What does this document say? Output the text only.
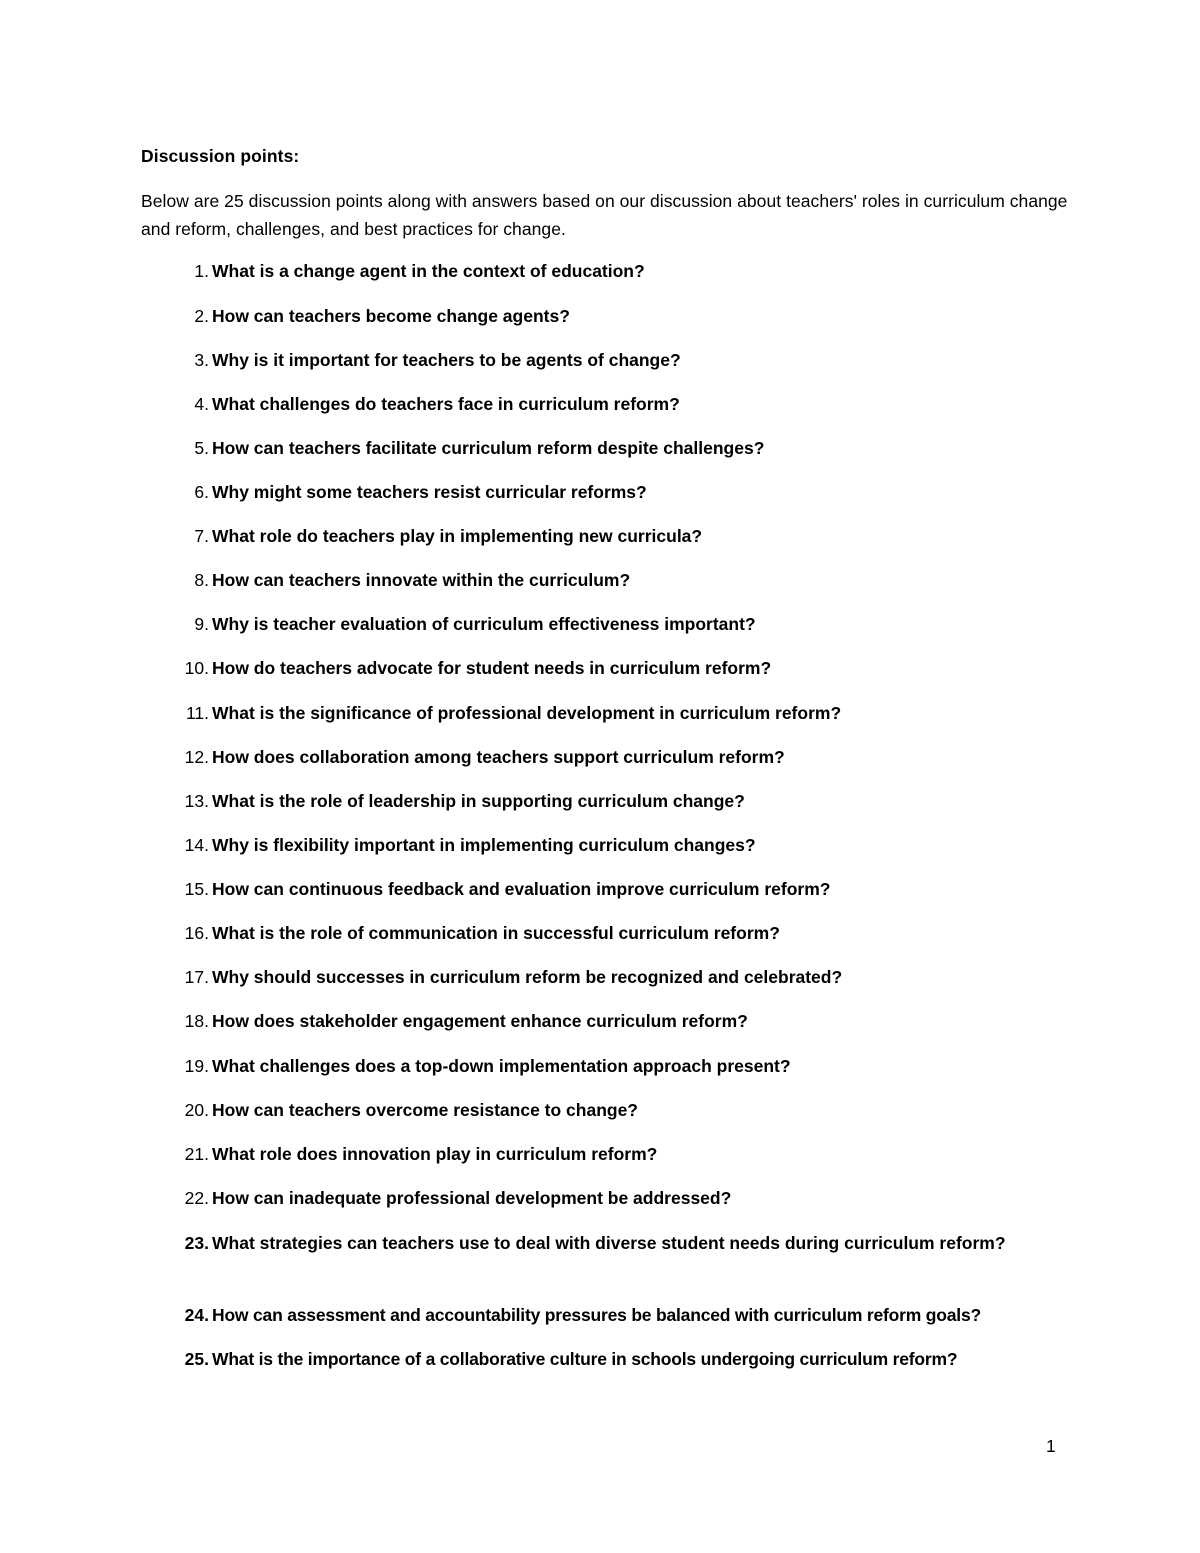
Discussion points:
Below are 25 discussion points along with answers based on our discussion about teachers' roles in curriculum change and reform, challenges, and best practices for change.
1. What is a change agent in the context of education?
2. How can teachers become change agents?
3. Why is it important for teachers to be agents of change?
4. What challenges do teachers face in curriculum reform?
5. How can teachers facilitate curriculum reform despite challenges?
6. Why might some teachers resist curricular reforms?
7. What role do teachers play in implementing new curricula?
8. How can teachers innovate within the curriculum?
9. Why is teacher evaluation of curriculum effectiveness important?
10. How do teachers advocate for student needs in curriculum reform?
11. What is the significance of professional development in curriculum reform?
12. How does collaboration among teachers support curriculum reform?
13. What is the role of leadership in supporting curriculum change?
14. Why is flexibility important in implementing curriculum changes?
15. How can continuous feedback and evaluation improve curriculum reform?
16. What is the role of communication in successful curriculum reform?
17. Why should successes in curriculum reform be recognized and celebrated?
18. How does stakeholder engagement enhance curriculum reform?
19. What challenges does a top-down implementation approach present?
20. How can teachers overcome resistance to change?
21. What role does innovation play in curriculum reform?
22. How can inadequate professional development be addressed?
23. What strategies can teachers use to deal with diverse student needs during curriculum reform?
24. How can assessment and accountability pressures be balanced with curriculum reform goals?
25. What is the importance of a collaborative culture in schools undergoing curriculum reform?
1
